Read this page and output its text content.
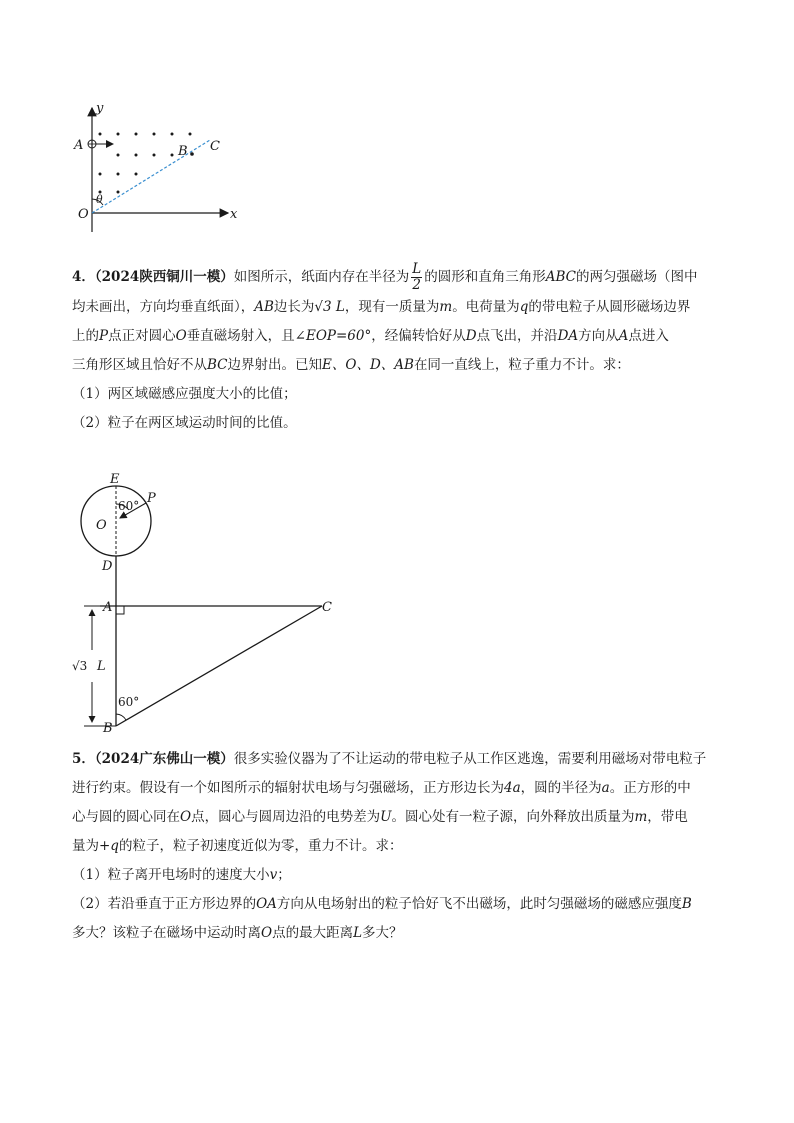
y
x
A	B C
O
θ

4．（2024陕西铜川一模）如图所示，纸面内存在半径为 $\frac{L}{2}$ 的圆形和直角三角形ABC的两匀强磁场（图中

均未画出，方向均垂直纸面），AB边长为√3 L，现有一质量为m。电荷量为q的带电粒子从圆形磁场边界

上的P点正对圆心O垂直磁场射入，且∠EOP=60°，经偏转恰好从D点飞出，并沿DA方向从A点进入

三角形区域且恰好不从BC边界射出。已知E、O、D、AB在同一直线上，粒子重力不计。求：

（1）两区域磁感应强度大小的比值；

（2）粒子在两区域运动时间的比值。

E
P
O
D
A	C
B
60°
60°
√3 L

5．（2024广东佛山一模）很多实验仪器为了不让运动的带电粒子从工作区逃逸，需要利用磁场对带电粒子

进行约束。假设有一个如图所示的辐射状电场与匀强磁场，正方形边长为4a，圆的半径为a。正方形的中

心与圆的圆心同在O点，圆心与圆周边沿的电势差为U。圆心处有一粒子源，向外释放出质量为m，带电

量为+q的粒子，粒子初速度近似为零，重力不计。求：

（1）粒子离开电场时的速度大小v；

（2）若沿垂直于正方形边界的OA方向从电场射出的粒子恰好飞不出磁场，此时匀强磁场的磁感应强度B

多大？该粒子在磁场中运动时离O点的最大距离L多大？
